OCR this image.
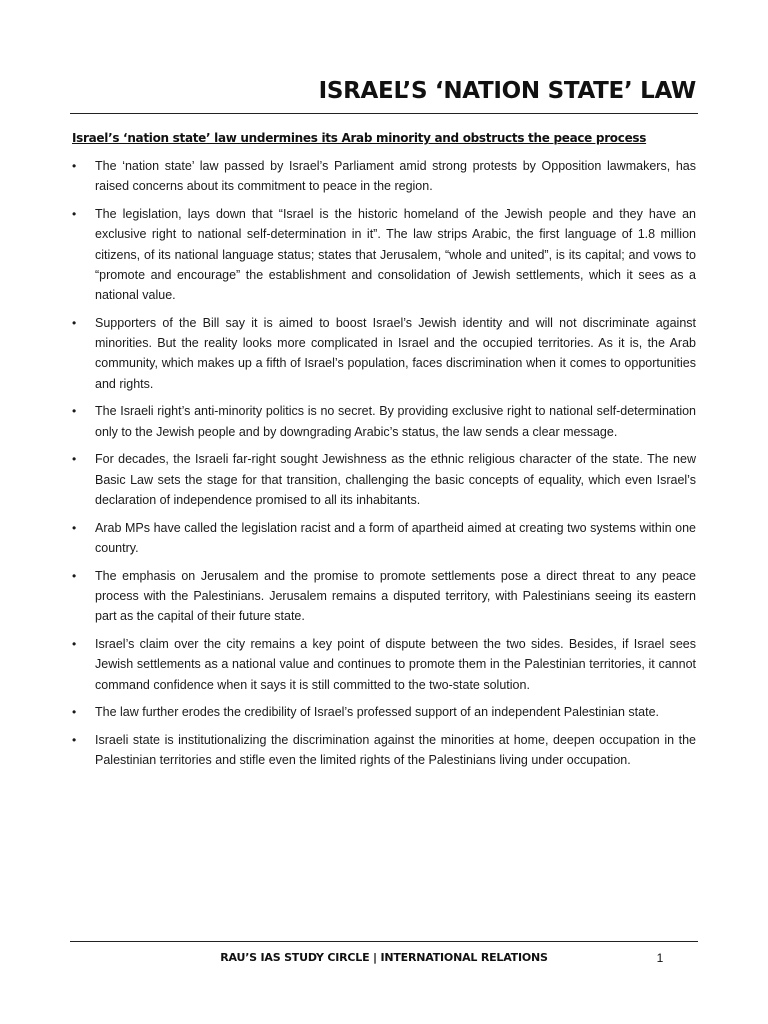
ISRAEL’S ‘NATION STATE’ LAW
Israel’s ‘nation state’ law undermines its Arab minority and obstructs the peace process
• The ‘nation state’ law passed by Israel’s Parliament amid strong protests by Opposition lawmakers, has raised concerns about its commitment to peace in the region.
• The legislation, lays down that “Israel is the historic homeland of the Jewish people and they have an exclusive right to national self-determination in it”. The law strips Arabic, the first language of 1.8 million citizens, of its national language status; states that Jerusalem, “whole and united”, is its capital; and vows to “promote and encourage” the establishment and consolidation of Jewish settlements, which it sees as a national value.
• Supporters of the Bill say it is aimed to boost Israel’s Jewish identity and will not discriminate against minorities. But the reality looks more complicated in Israel and the occupied territories. As it is, the Arab community, which makes up a fifth of Israel’s population, faces discrimination when it comes to opportunities and rights.
• The Israeli right’s anti-minority politics is no secret. By providing exclusive right to national self-determination only to the Jewish people and by downgrading Arabic’s status, the law sends a clear message.
• For decades, the Israeli far-right sought Jewishness as the ethnic religious character of the state. The new Basic Law sets the stage for that transition, challenging the basic concepts of equality, which even Israel’s declaration of independence promised to all its inhabitants.
• Arab MPs have called the legislation racist and a form of apartheid aimed at creating two systems within one country.
• The emphasis on Jerusalem and the promise to promote settlements pose a direct threat to any peace process with the Palestinians. Jerusalem remains a disputed territory, with Palestinians seeing its eastern part as the capital of their future state.
• Israel’s claim over the city remains a key point of dispute between the two sides. Besides, if Israel sees Jewish settlements as a national value and continues to promote them in the Palestinian territories, it cannot command confidence when it says it is still committed to the two-state solution.
• The law further erodes the credibility of Israel’s professed support of an independent Palestinian state.
• Israeli state is institutionalizing the discrimination against the minorities at home, deepen occupation in the Palestinian territories and stifle even the limited rights of the Palestinians living under occupation.
RAU’S IAS STUDY CIRCLE | INTERNATIONAL RELATIONS	1
